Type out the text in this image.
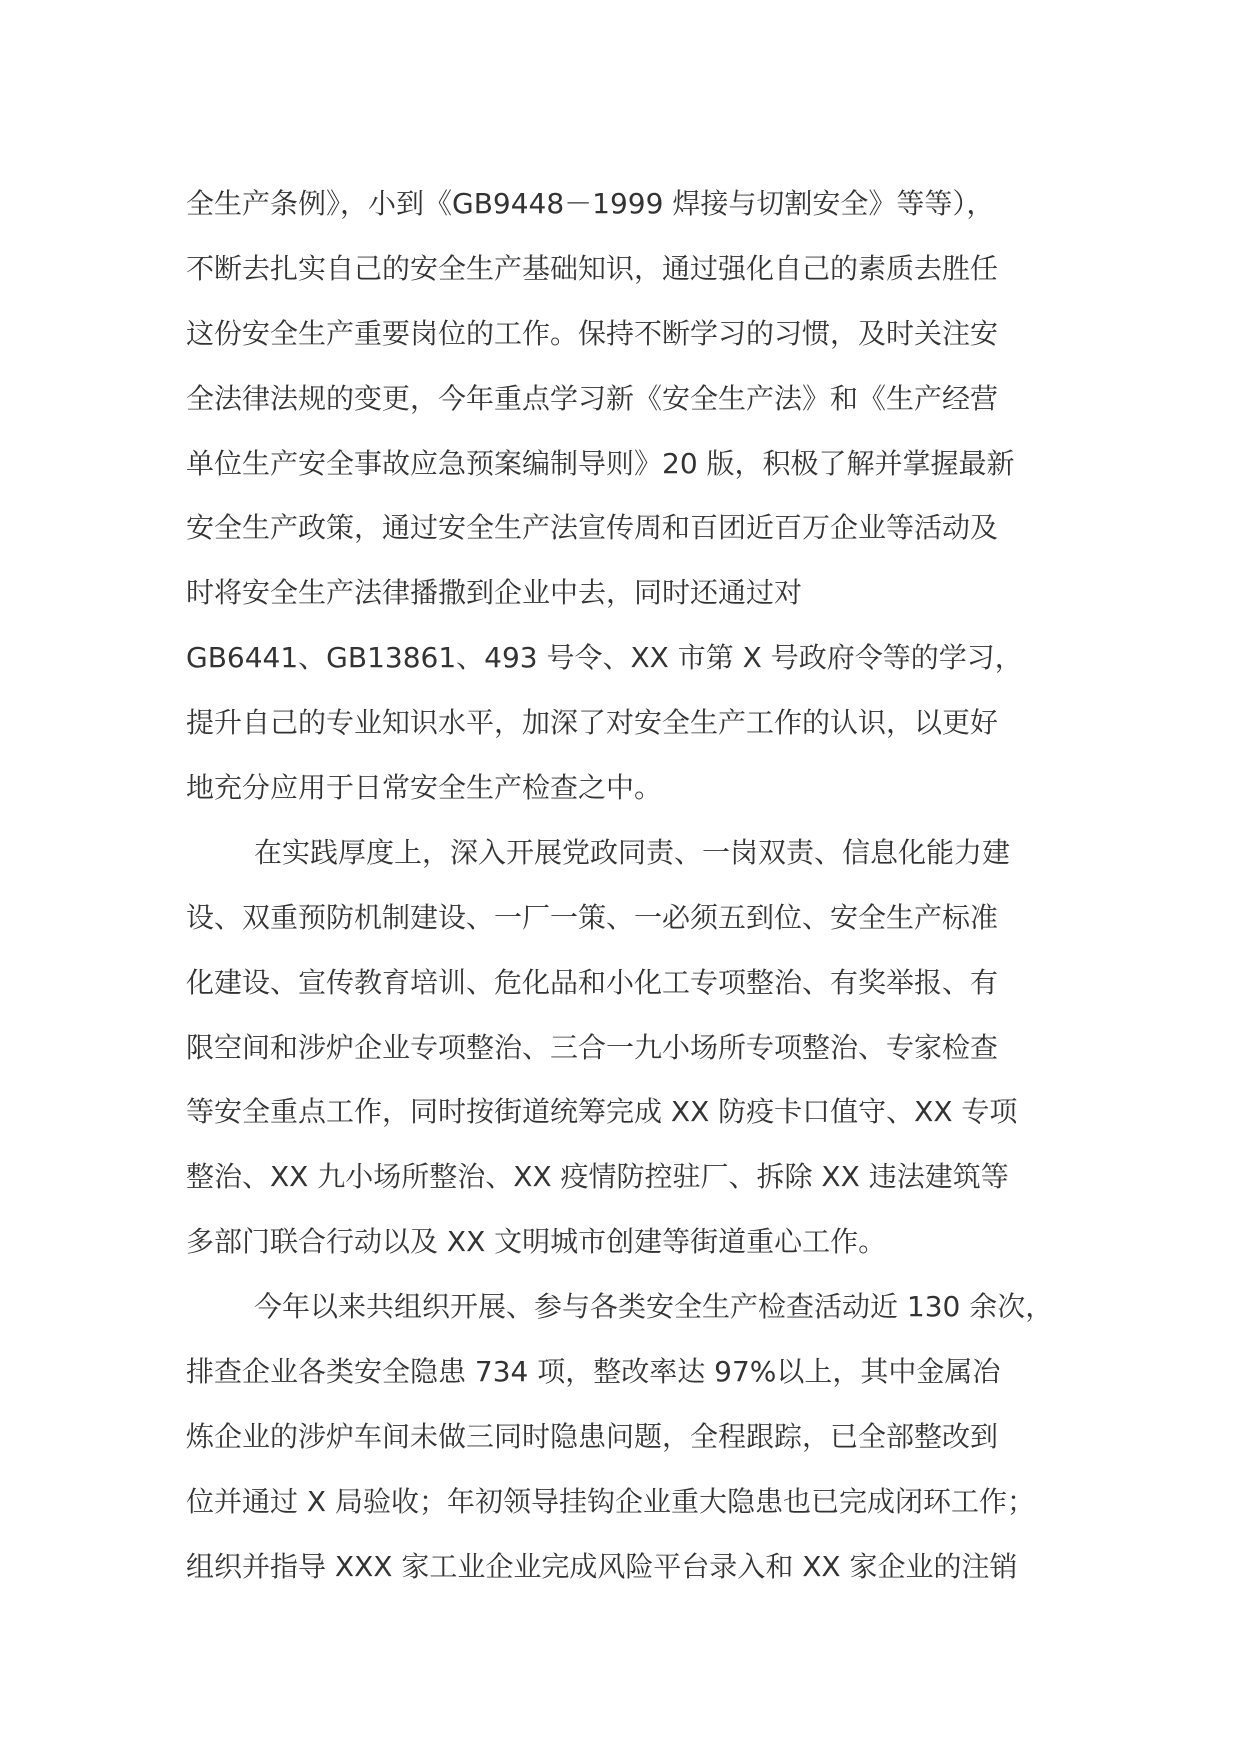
全生产条例》，小到《GB9448－1999 焊接与切割安全》等等），
不断去扎实自己的安全生产基础知识，通过强化自己的素质去胜任
这份安全生产重要岗位的工作。保持不断学习的习惯，及时关注安
全法律法规的变更，今年重点学习新《安全生产法》和《生产经营
单位生产安全事故应急预案编制导则》20 版，积极了解并掌握最新
安全生产政策，通过安全生产法宣传周和百团近百万企业等活动及
时将安全生产法律播撒到企业中去，同时还通过对
GB6441、GB13861、493 号令、XX 市第 X 号政府令等的学习，
提升自己的专业知识水平，加深了对安全生产工作的认识，以更好
地充分应用于日常安全生产检查之中。
在实践厚度上，深入开展党政同责、一岗双责、信息化能力建
设、双重预防机制建设、一厂一策、一必须五到位、安全生产标准
化建设、宣传教育培训、危化品和小化工专项整治、有奖举报、有
限空间和涉炉企业专项整治、三合一九小场所专项整治、专家检查
等安全重点工作，同时按街道统筹完成 XX 防疫卡口值守、XX 专项
整治、XX 九小场所整治、XX 疫情防控驻厂、拆除 XX 违法建筑等
多部门联合行动以及 XX 文明城市创建等街道重心工作。
今年以来共组织开展、参与各类安全生产检查活动近 130 余次，
排查企业各类安全隐患 734 项，整改率达 97%以上，其中金属冶
炼企业的涉炉车间未做三同时隐患问题，全程跟踪，已全部整改到
位并通过 X 局验收；年初领导挂钩企业重大隐患也已完成闭环工作；
组织并指导 XXX 家工业企业完成风险平台录入和 XX 家企业的注销
